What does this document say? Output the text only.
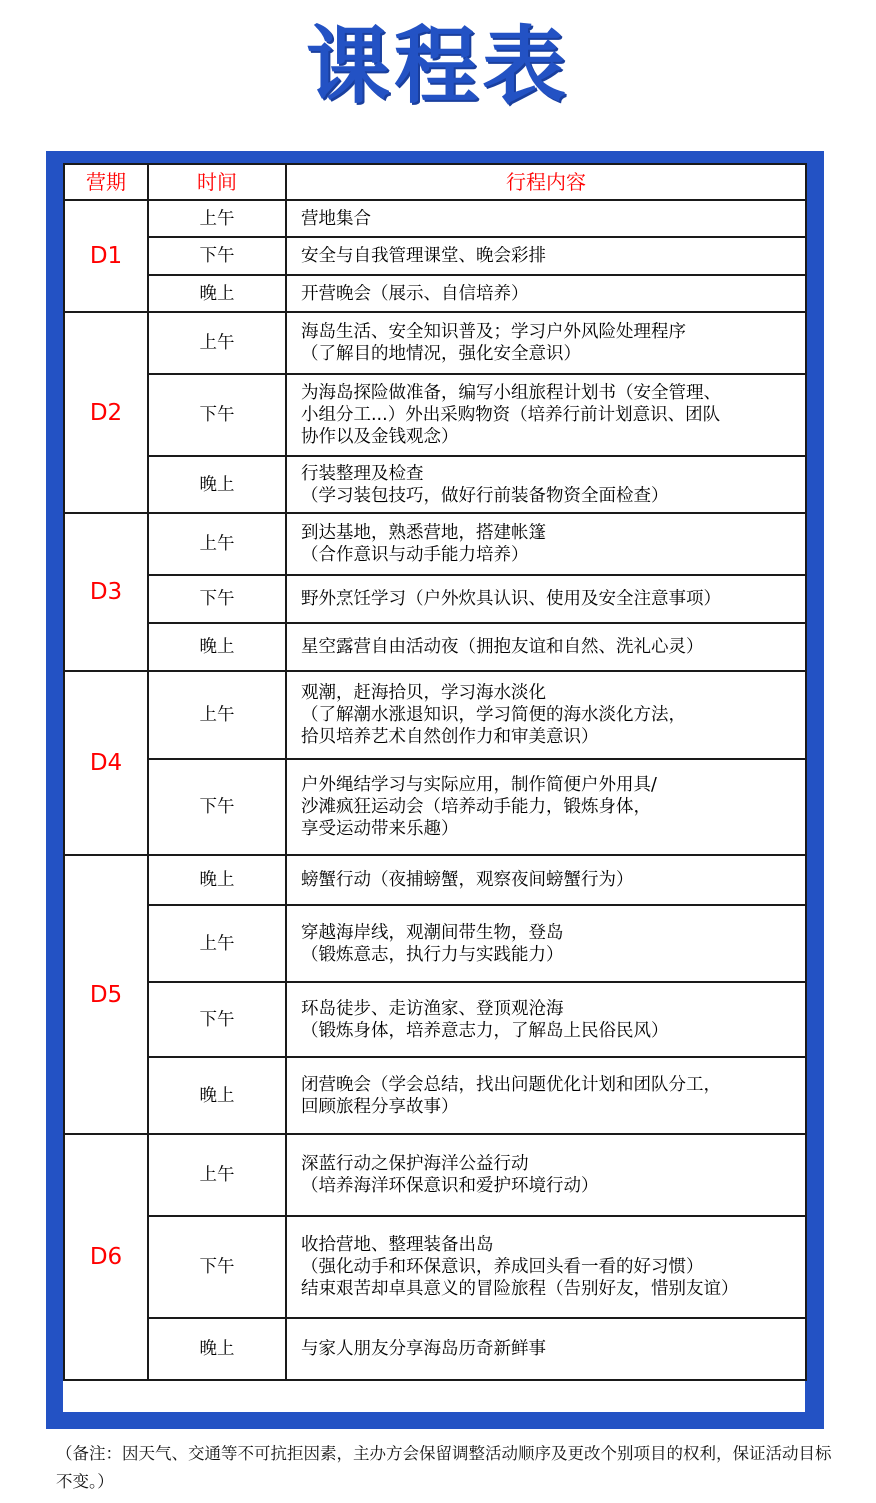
课程表
营期	时间	行程内容
D1	上午	营地集合

	下午	安全与自我管理课堂、晚会彩排

	晚上	开营晚会（展示、自信培养）

D2	上午	海岛生活、安全知识普及；学习户外风险处理程序
（了解目的地情况，强化安全意识）

	下午	为海岛探险做准备，编写小组旅程计划书（安全管理、
小组分工...）外出采购物资（培养行前计划意识、团队
协作以及金钱观念）

	晚上	行装整理及检查
（学习装包技巧，做好行前装备物资全面检查）

D3	上午	到达基地，熟悉营地，搭建帐篷
（合作意识与动手能力培养）

	下午	野外烹饪学习（户外炊具认识、使用及安全注意事项）

	晚上	星空露营自由活动夜（拥抱友谊和自然、洗礼心灵）

D4	上午	观潮，赶海拾贝，学习海水淡化
（了解潮水涨退知识，学习简便的海水淡化方法，
拾贝培养艺术自然创作力和审美意识）

	下午	户外绳结学习与实际应用，制作简便户外用具/
沙滩疯狂运动会（培养动手能力，锻炼身体，
享受运动带来乐趣）

D5	晚上	螃蟹行动（夜捕螃蟹，观察夜间螃蟹行为）

	上午	穿越海岸线，观潮间带生物，登岛
（锻炼意志，执行力与实践能力）

	下午	环岛徒步、走访渔家、登顶观沧海
（锻炼身体，培养意志力，了解岛上民俗民风）

	晚上	闭营晚会（学会总结，找出问题优化计划和团队分工，
回顾旅程分享故事）

D6	上午	深蓝行动之保护海洋公益行动
（培养海洋环保意识和爱护环境行动）

	下午	收拾营地、整理装备出岛
（强化动手和环保意识，养成回头看一看的好习惯）
结束艰苦却卓具意义的冒险旅程（告别好友，惜别友谊）

	晚上	与家人朋友分享海岛历奇新鲜事
（备注：因天气、交通等不可抗拒因素，主办方会保留调整活动顺序及更改个别项目的权利，保证活动目标不变。）
